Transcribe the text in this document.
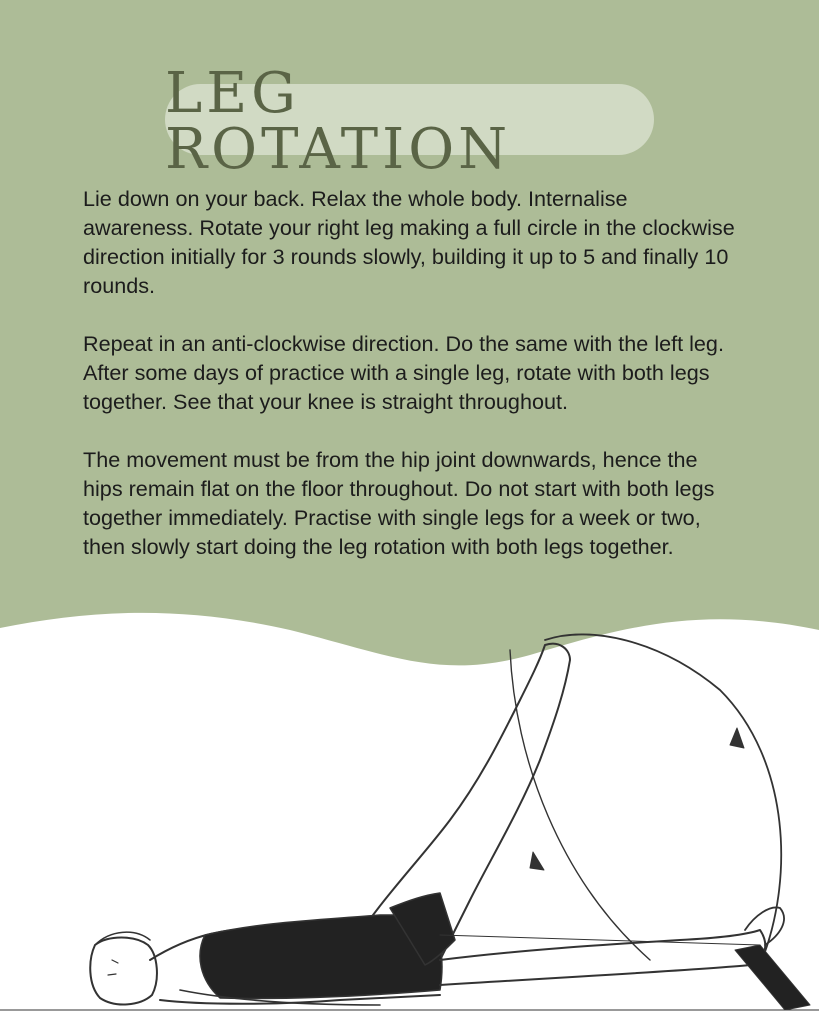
LEG ROTATION

Lie down on your back. Relax the whole body. Internalise awareness. Rotate your right leg making a full circle in the clockwise direction initially for 3 rounds slowly, building it up to 5 and finally 10 rounds.

Repeat in an anti-clockwise direction. Do the same with the left leg. After some days of practice with a single leg, rotate with both legs together. See that your knee is straight throughout.

The movement must be from the hip joint downwards, hence the hips remain flat on the floor throughout. Do not start with both legs together immediately. Practise with single legs for a week or two, then slowly start doing the leg rotation with both legs together.
